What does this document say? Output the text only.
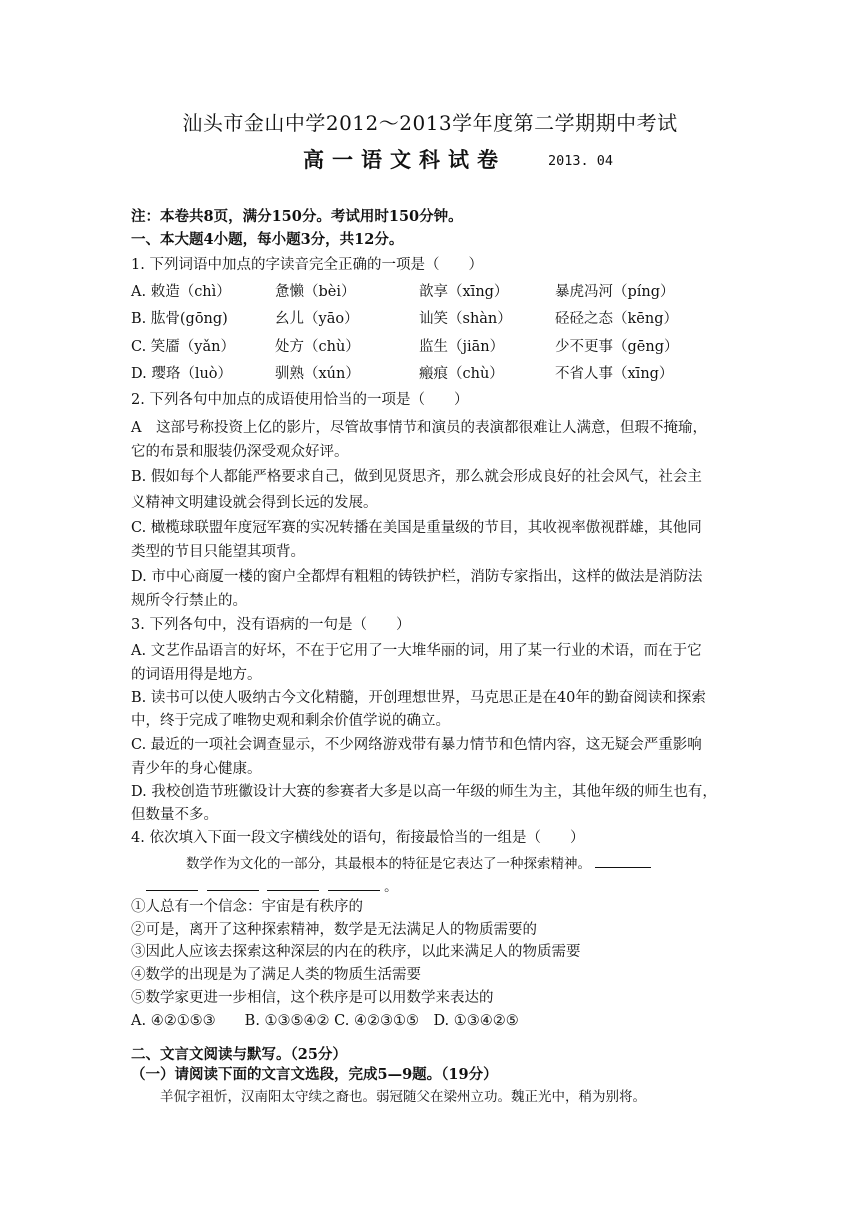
汕头市金山中学2012～2013学年度第二学期期中考试
高一语文科试卷	2013. 04
注：本卷共8页，满分150分。考试用时150分钟。
一、本大题4小题，每小题3分，共12分。
1. 下列词语中加点的字读音完全正确的一项是（　　）
A. 敕造（chì）	惫懒（bèi）	歆享（xīng）	暴虎冯河（píng）
B. 肱骨(gōng)	幺儿（yāo）	讪笑（shàn）	硁硁之态（kēng）
C. 笑靥（yǎn）	处方（chù）	监生（jiān）	少不更事（gēng）
D. 璎珞（luò）	驯熟（xún）	瘢痕（chù）	不省人事（xīng）
2. 下列各句中加点的成语使用恰当的一项是（　　）
A　这部号称投资上亿的影片，尽管故事情节和演员的表演都很难让人满意，但瑕不掩瑜，
它的布景和服装仍深受观众好评。
B. 假如每个人都能严格要求自己，做到见贤思齐，那么就会形成良好的社会风气，社会主
义精神文明建设就会得到长远的发展。
C. 橄榄球联盟年度冠军赛的实况转播在美国是重量级的节目，其收视率傲视群雄，其他同
类型的节目只能望其项背。
D. 市中心商厦一楼的窗户全都焊有粗粗的铸铁护栏，消防专家指出，这样的做法是消防法
规所令行禁止的。
3. 下列各句中，没有语病的一句是（　　）
A. 文艺作品语言的好坏，不在于它用了一大堆华丽的词，用了某一行业的术语，而在于它
的词语用得是地方。
B. 读书可以使人吸纳古今文化精髓，开创理想世界，马克思正是在40年的勤奋阅读和探索
中，终于完成了唯物史观和剩余价值学说的确立。
C. 最近的一项社会调查显示，不少网络游戏带有暴力情节和色情内容，这无疑会严重影响
青少年的身心健康。
D. 我校创造节班徽设计大赛的参赛者大多是以高一年级的师生为主，其他年级的师生也有，
但数量不多。
4. 依次填入下面一段文字横线处的语句，衔接最恰当的一组是（　　）
数学作为文化的一部分，其最根本的特征是它表达了一种探索精神。
。
①人总有一个信念：宇宙是有秩序的
②可是，离开了这种探索精神，数学是无法满足人的物质需要的
③因此人应该去探索这种深层的内在的秩序，以此来满足人的物质需要
④数学的出现是为了满足人类的物质生活需要
⑤数学家更进一步相信，这个秩序是可以用数学来表达的
A. ④②①⑤③　　B. ①③⑤④② C. ④②③①⑤　D. ①③④②⑤
二、文言文阅读与默写。（25分）
（一）请阅读下面的文言文选段，完成5—9题。（19分）
羊侃字祖忻，汉南阳太守续之裔也。弱冠随父在梁州立功。魏正光中，稍为别将。
